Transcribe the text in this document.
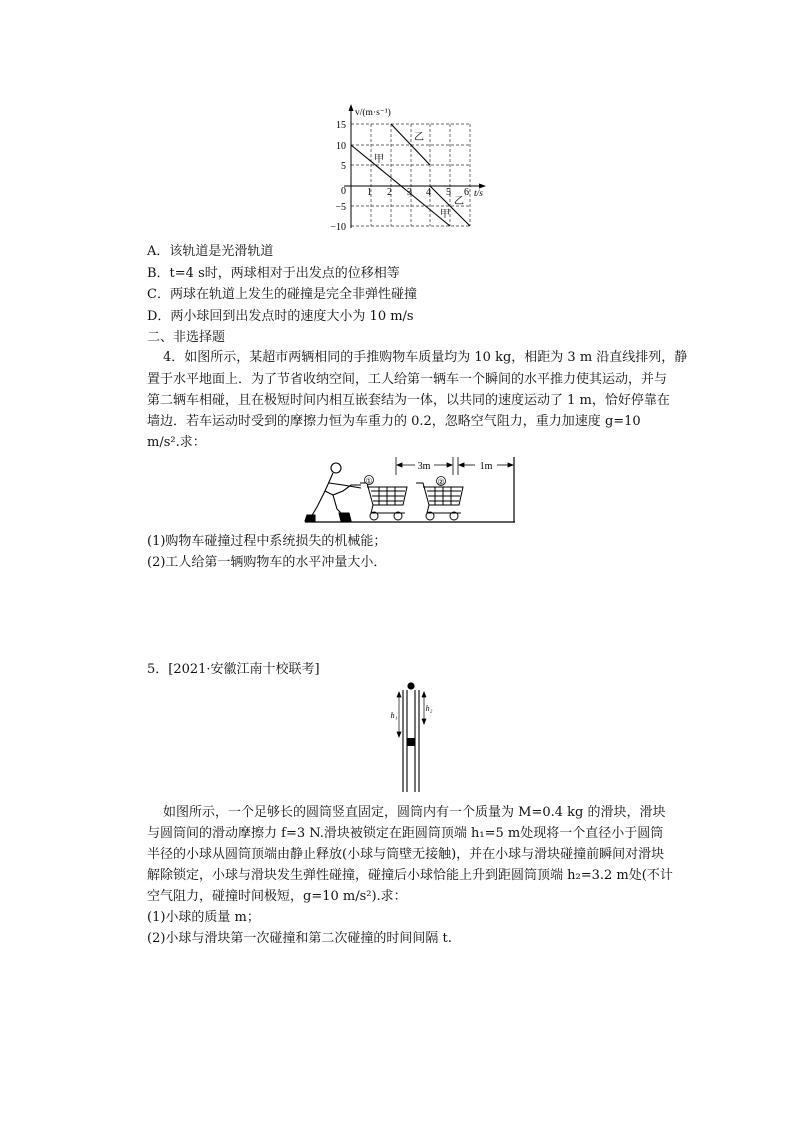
v/(m·s⁻¹)
t/s
15
10
5
0
−5
−10
1 2 3 4 5 6
乙
甲
乙
甲
A．该轨道是光滑轨道
B．t=4 s时，两球相对于出发点的位移相等
C．两球在轨道上发生的碰撞是完全非弹性碰撞
D．两小球回到出发点时的速度大小为 10 m/s
二、非选择题
4．如图所示，某超市两辆相同的手推购物车质量均为 10 kg，相距为 3 m 沿直线排列，静
置于水平地面上．为了节省收纳空间，工人给第一辆车一个瞬间的水平推力使其运动，并与
第二辆车相碰，且在极短时间内相互嵌套结为一体，以共同的速度运动了 1 m，恰好停靠在
墙边．若车运动时受到的摩擦力恒为车重力的 0.2，忽略空气阻力，重力加速度 g=10
m/s².求：
①	②
3m	1m
(1)购物车碰撞过程中系统损失的机械能；
(2)工人给第一辆购物车的水平冲量大小．
5．[2021·安徽江南十校联考]
h₁
h₂
如图所示，一个足够长的圆筒竖直固定，圆筒内有一个质量为 M=0.4 kg 的滑块，滑块
与圆筒间的滑动摩擦力 f=3 N.滑块被锁定在距圆筒顶端 h₁=5 m处现将一个直径小于圆筒
半径的小球从圆筒顶端由静止释放(小球与筒壁无接触)，并在小球与滑块碰撞前瞬间对滑块
解除锁定，小球与滑块发生弹性碰撞，碰撞后小球恰能上升到距圆筒顶端 h₂=3.2 m处(不计
空气阻力，碰撞时间极短，g=10 m/s²).求：
(1)小球的质量 m；
(2)小球与滑块第一次碰撞和第二次碰撞的时间间隔 t.
